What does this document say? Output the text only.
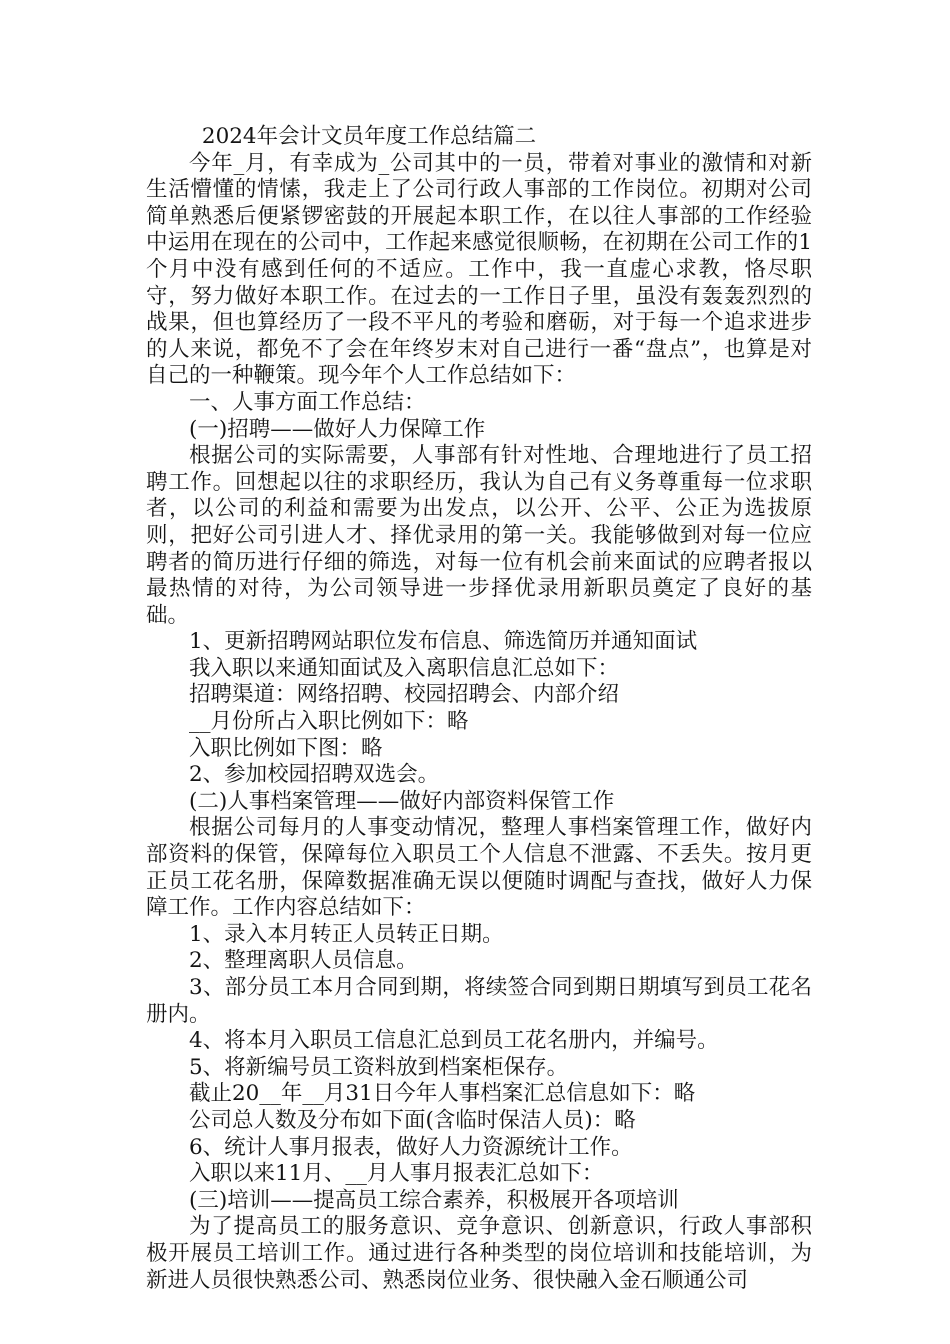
2024年会计文员年度工作总结篇二

今年_月，有幸成为_公司其中的一员，带着对事业的激情和对新生活懵懂的情愫，我走上了公司行政人事部的工作岗位。初期对公司简单熟悉后便紧锣密鼓的开展起本职工作，在以往人事部的工作经验中运用在现在的公司中，工作起来感觉很顺畅，在初期在公司工作的1个月中没有感到任何的不适应。工作中，我一直虚心求教，恪尽职守，努力做好本职工作。在过去的一工作日子里，虽没有轰轰烈烈的战果，但也算经历了一段不平凡的考验和磨砺，对于每一个追求进步的人来说，都免不了会在年终岁末对自己进行一番“盘点”，也算是对自己的一种鞭策。现今年个人工作总结如下：

一、人事方面工作总结：

(一)招聘——做好人力保障工作

根据公司的实际需要，人事部有针对性地、合理地进行了员工招聘工作。回想起以往的求职经历，我认为自己有义务尊重每一位求职者，以公司的利益和需要为出发点，以公开、公平、公正为选拔原则，把好公司引进人才、择优录用的第一关。我能够做到对每一位应聘者的简历进行仔细的筛选，对每一位有机会前来面试的应聘者报以最热情的对待，为公司领导进一步择优录用新职员奠定了良好的基础。

1、更新招聘网站职位发布信息、筛选简历并通知面试

我入职以来通知面试及入离职信息汇总如下：

招聘渠道：网络招聘、校园招聘会、内部介绍

__月份所占入职比例如下：略

入职比例如下图：略

2、参加校园招聘双选会。

(二)人事档案管理——做好内部资料保管工作

根据公司每月的人事变动情况，整理人事档案管理工作，做好内部资料的保管，保障每位入职员工个人信息不泄露、不丢失。按月更正员工花名册，保障数据准确无误以便随时调配与查找，做好人力保障工作。工作内容总结如下：

1、录入本月转正人员转正日期。

2、整理离职人员信息。

3、部分员工本月合同到期，将续签合同到期日期填写到员工花名册内。

4、将本月入职员工信息汇总到员工花名册内，并编号。

5、将新编号员工资料放到档案柜保存。

截止20__年__月31日今年人事档案汇总信息如下：略

公司总人数及分布如下面(含临时保洁人员)：略

6、统计人事月报表，做好人力资源统计工作。

入职以来11月、__月人事月报表汇总如下：

(三)培训——提高员工综合素养，积极展开各项培训

为了提高员工的服务意识、竞争意识、创新意识，行政人事部积极开展员工培训工作。通过进行各种类型的岗位培训和技能培训，为新进人员很快熟悉公司、熟悉岗位业务、很快融入金石顺通公司
